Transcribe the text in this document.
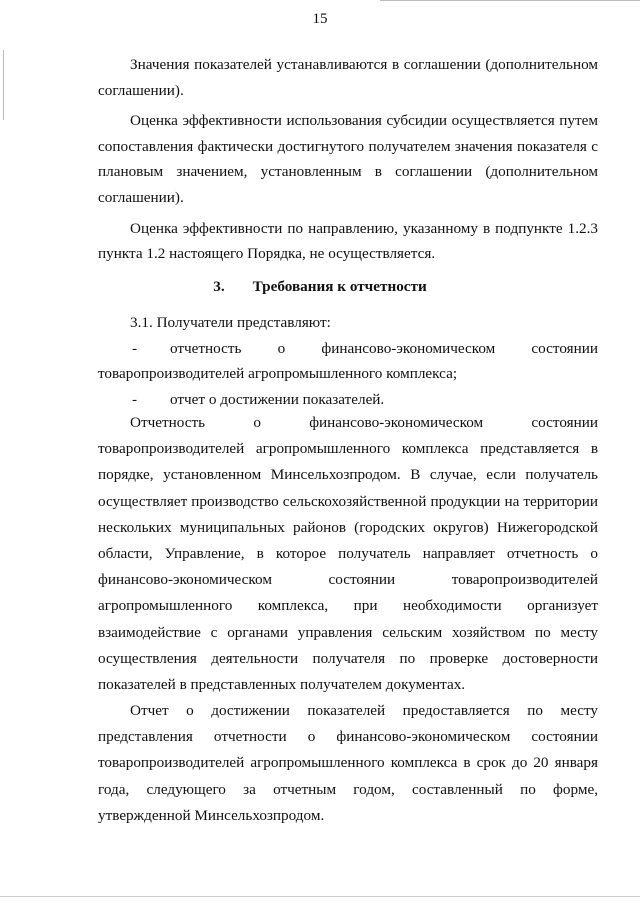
15

Значения показателей устанавливаются в соглашении (дополнительном соглашении).

Оценка эффективности использования субсидии осуществляется путем сопоставления фактически достигнутого получателем значения показателя с плановым значением, установленным в соглашении (дополнительном соглашении).

Оценка эффективности по направлению, указанному в подпункте 1.2.3 пункта 1.2 настоящего Порядка, не осуществляется.

3. Требования к отчетности
3.1. Получатели представляют:
- отчетность о финансово-экономическом состоянии товаропроизводителей агропромышленного комплекса;
- отчет о достижении показателей.

Отчетность о финансово-экономическом состоянии товаропроизводителей агропромышленного комплекса представляется в порядке, установленном Минсельхозпродом. В случае, если получатель осуществляет производство сельскохозяйственной продукции на территории нескольких муниципальных районов (городских округов) Нижегородской области, Управление, в которое получатель направляет отчетность о финансово-экономическом состоянии товаропроизводителей агропромышленного комплекса, при необходимости организует взаимодействие с органами управления сельским хозяйством по месту осуществления деятельности получателя по проверке достоверности показателей в представленных получателем документах.

Отчет о достижении показателей предоставляется по месту представления отчетности о финансово-экономическом состоянии товаропроизводителей агропромышленного комплекса в срок до 20 января года, следующего за отчетным годом, составленный по форме, утвержденной Минсельхозпродом.
